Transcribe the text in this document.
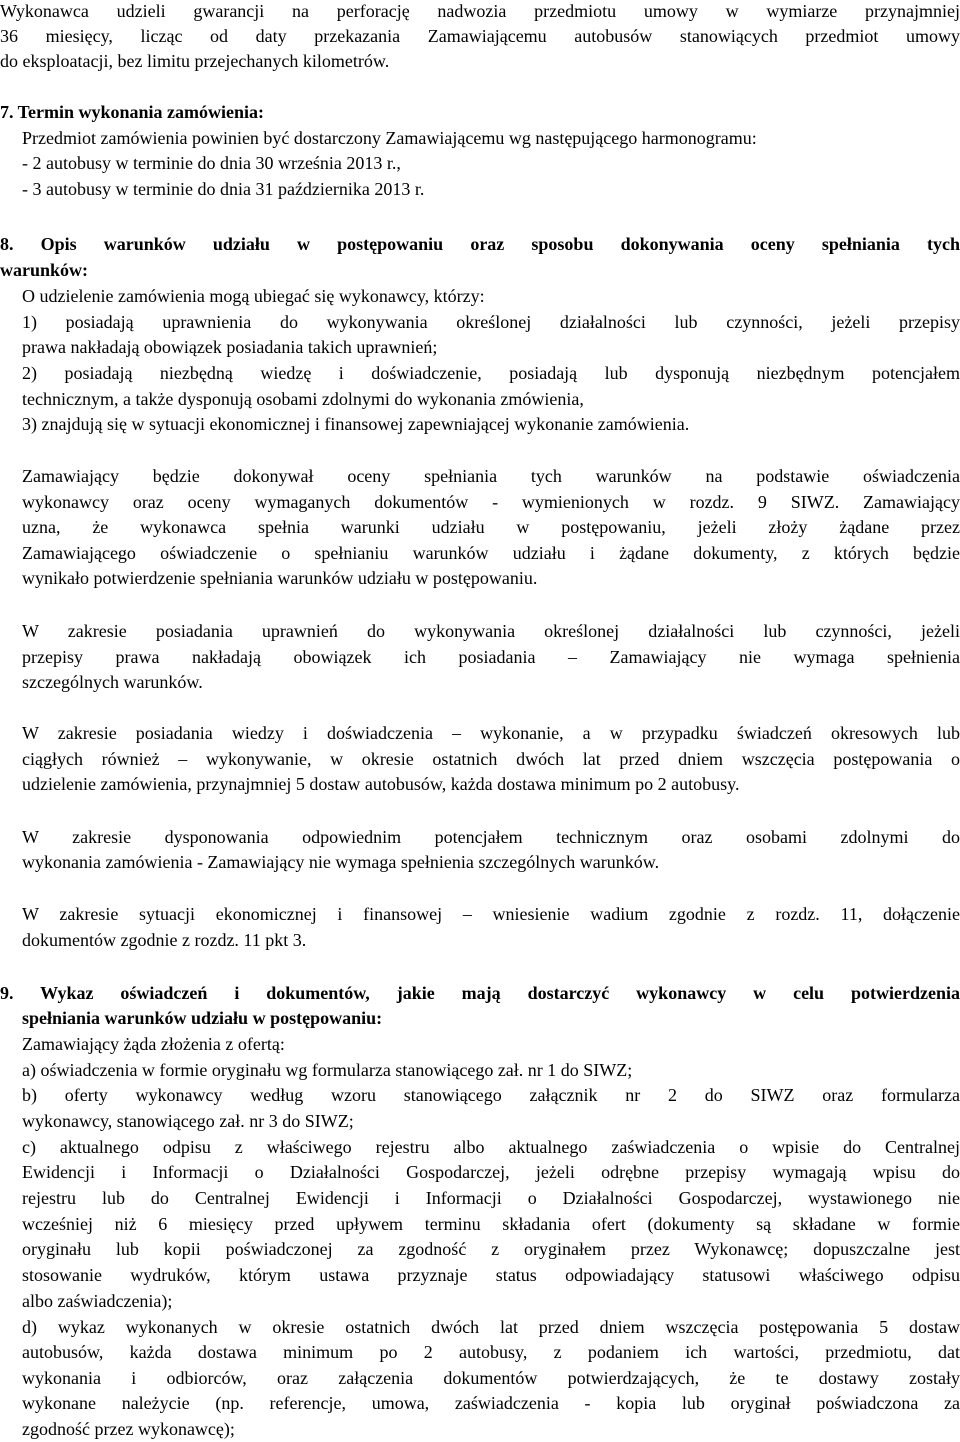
Wykonawca udzieli gwarancji na perforację nadwozia przedmiotu umowy w wymiarze przynajmniej
36 miesięcy, licząc od daty przekazania Zamawiającemu autobusów stanowiących przedmiot umowy
do eksploatacji, bez limitu przejechanych kilometrów.
7. Termin wykonania zamówienia:
Przedmiot zamówienia powinien być dostarczony Zamawiającemu wg następującego harmonogramu:
- 2 autobusy w terminie do dnia 30 września 2013 r.,
- 3 autobusy w terminie do dnia 31 października 2013 r.
8. Opis warunków udziału w postępowaniu oraz sposobu dokonywania oceny spełniania tych
warunków:
O udzielenie zamówienia mogą ubiegać się wykonawcy, którzy:
1) posiadają uprawnienia do wykonywania określonej działalności lub czynności, jeżeli przepisy
prawa nakładają obowiązek posiadania takich uprawnień;
2) posiadają niezbędną wiedzę i doświadczenie, posiadają lub dysponują niezbędnym potencjałem
technicznym, a także dysponują osobami zdolnymi do wykonania zmówienia,
3) znajdują się w sytuacji ekonomicznej i finansowej zapewniającej wykonanie zamówienia.
Zamawiający będzie dokonywał oceny spełniania tych warunków na podstawie oświadczenia
wykonawcy oraz oceny wymaganych dokumentów - wymienionych w rozdz. 9 SIWZ. Zamawiający
uzna, że wykonawca spełnia warunki udziału w postępowaniu, jeżeli złoży żądane przez
Zamawiającego oświadczenie o spełnianiu warunków udziału i żądane dokumenty, z których będzie
wynikało potwierdzenie spełniania warunków udziału w postępowaniu.
W zakresie posiadania uprawnień do wykonywania określonej działalności lub czynności, jeżeli
przepisy prawa nakładają obowiązek ich posiadania – Zamawiający nie wymaga spełnienia
szczególnych warunków.
W zakresie posiadania wiedzy i doświadczenia – wykonanie, a w przypadku świadczeń okresowych lub
ciągłych również – wykonywanie, w okresie ostatnich dwóch lat przed dniem wszczęcia postępowania o
udzielenie zamówienia, przynajmniej 5 dostaw autobusów, każda dostawa minimum po 2 autobusy.
W zakresie dysponowania odpowiednim potencjałem technicznym oraz osobami zdolnymi do
wykonania zamówienia - Zamawiający nie wymaga spełnienia szczególnych warunków.
W zakresie sytuacji ekonomicznej i finansowej – wniesienie wadium zgodnie z rozdz. 11, dołączenie
dokumentów zgodnie z rozdz. 11 pkt 3.
9. Wykaz oświadczeń i dokumentów, jakie mają dostarczyć wykonawcy w celu potwierdzenia
spełniania warunków udziału w postępowaniu:
Zamawiający żąda złożenia z ofertą:
a) oświadczenia w formie oryginału wg formularza stanowiącego zał. nr 1 do SIWZ;
b) oferty wykonawcy według wzoru stanowiącego załącznik nr 2 do SIWZ oraz formularza
wykonawcy, stanowiącego zał. nr 3 do SIWZ;
c) aktualnego odpisu z właściwego rejestru albo aktualnego zaświadczenia o wpisie do Centralnej
Ewidencji i Informacji o Działalności Gospodarczej, jeżeli odrębne przepisy wymagają wpisu do
rejestru lub do Centralnej Ewidencji i Informacji o Działalności Gospodarczej, wystawionego nie
wcześniej niż 6 miesięcy przed upływem terminu składania ofert (dokumenty są składane w formie
oryginału lub kopii poświadczonej za zgodność z oryginałem przez Wykonawcę; dopuszczalne jest
stosowanie wydruków, którym ustawa przyznaje status odpowiadający statusowi właściwego odpisu
albo zaświadczenia);
d) wykaz wykonanych w okresie ostatnich dwóch lat przed dniem wszczęcia postępowania 5 dostaw
autobusów, każda dostawa minimum po 2 autobusy, z podaniem ich wartości, przedmiotu, dat
wykonania i odbiorców, oraz załączenia dokumentów potwierdzających, że te dostawy zostały
wykonane należycie (np. referencje, umowa, zaświadczenia - kopia lub oryginał poświadczona za
zgodność przez wykonawcę);
